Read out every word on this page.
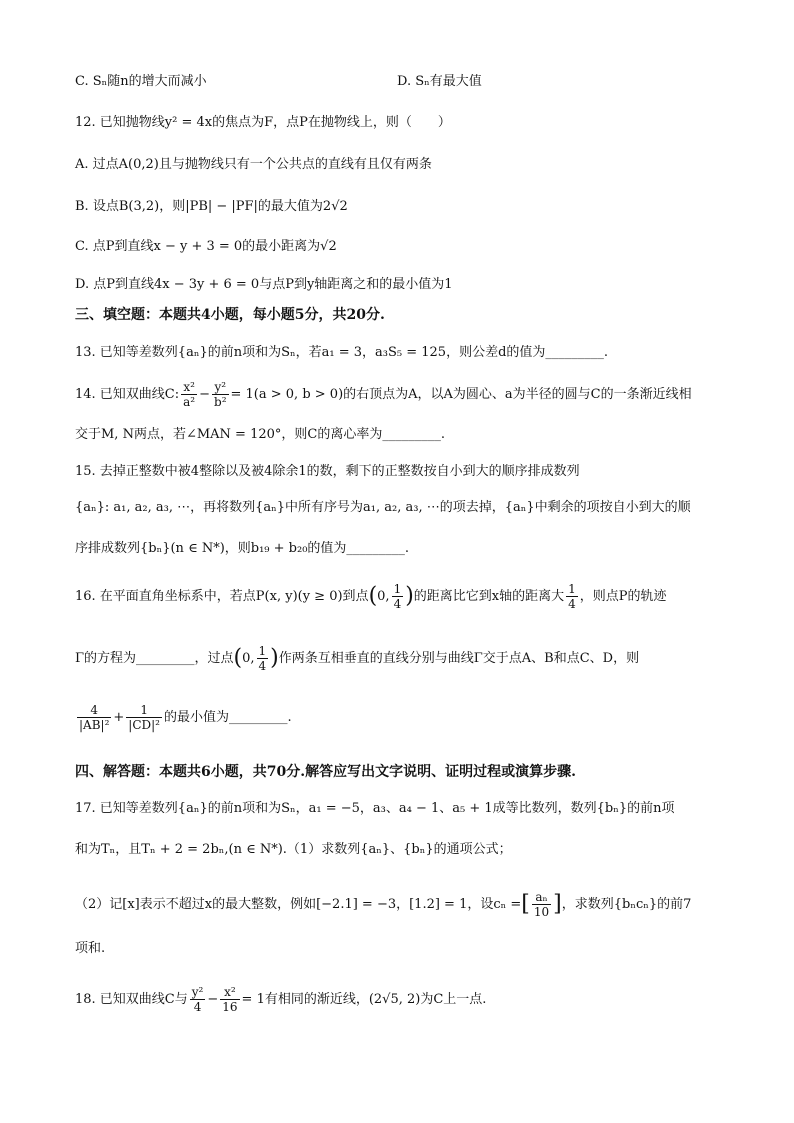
C. Sₙ随n的增大而减小	D. Sₙ有最大值
12. 已知抛物线y² = 4x的焦点为F，点P在抛物线上，则（　　）
A. 过点A(0,2)且与抛物线只有一个公共点的直线有且仅有两条
B. 设点B(3,2)，则|PB| − |PF|的最大值为2√2
C. 点P到直线x − y + 3 = 0的最小距离为√2
D. 点P到直线4x − 3y + 6 = 0与点P到y轴距离之和的最小值为1
三、填空题：本题共4小题，每小题5分，共20分.
13. 已知等差数列{aₙ}的前n项和为Sₙ，若a₁ = 3，a₃S₅ = 125，则公差d的值为_________.
14. 已知双曲线C: $\frac{\text{x²}}{\text{a²}} - \frac{\text{y²}}{\text{b²}} = 1(a > 0$, b > 0)的右顶点为A，以A为圆心、a为半径的圆与C的一条渐近线相
交于M, N两点，若∠MAN = 120°，则C的离心率为_________.
15. 去掉正整数中被4整除以及被4除余1的数，剩下的正整数按自小到大的顺序排成数列
{aₙ}: a₁, a₂, a₃, ⋯，再将数列{aₙ}中所有序号为a₁, a₂, a₃, ⋯的项去掉，{aₙ}中剩余的项按自小到大的顺
序排成数列{bₙ}(n ∈ N*)，则b₁₉ + b₂₀的值为_________.
16. 在平面直角坐标系中，若点P(x, y)(y ≥ 0)到点(0, $\frac{1}{4}$ )的距离比它到x轴的距离大 $\frac{1}{4}$ ，则点P的轨迹
Γ的方程为_________，过点(0, $\frac{1}{4}$ )作两条互相垂直的直线分别与曲线Γ交于点A、B和点C、D，则
$\frac{4}{\text{|AB|²}} + \frac{1}{\text{|CD|²}}$ 的最小值为_________.
四、解答题：本题共6小题，共70分.解答应写出文字说明、证明过程或演算步骤.
17. 已知等差数列{aₙ}的前n项和为Sₙ，a₁ = −5，a₃、a₄ − 1、a₅ + 1成等比数列，数列{bₙ}的前n项
和为Tₙ，且Tₙ + 2 = 2bₙ,(n ∈ N*).（1）求数列{aₙ}、{bₙ}的通项公式；
（2）记[x]表示不超过x的最大整数，例如[−2.1] = −3，[1.2] = 1，设cₙ =[ $\frac{\text{aₙ}}{10}$ ]，求数列{bₙcₙ}的前7
项和.
18. 已知双曲线C与 $\frac{\text{y²}}{4} - \frac{\text{x²}}{16} = 1$有相同的渐近线，(2√5, 2)为C上一点.
